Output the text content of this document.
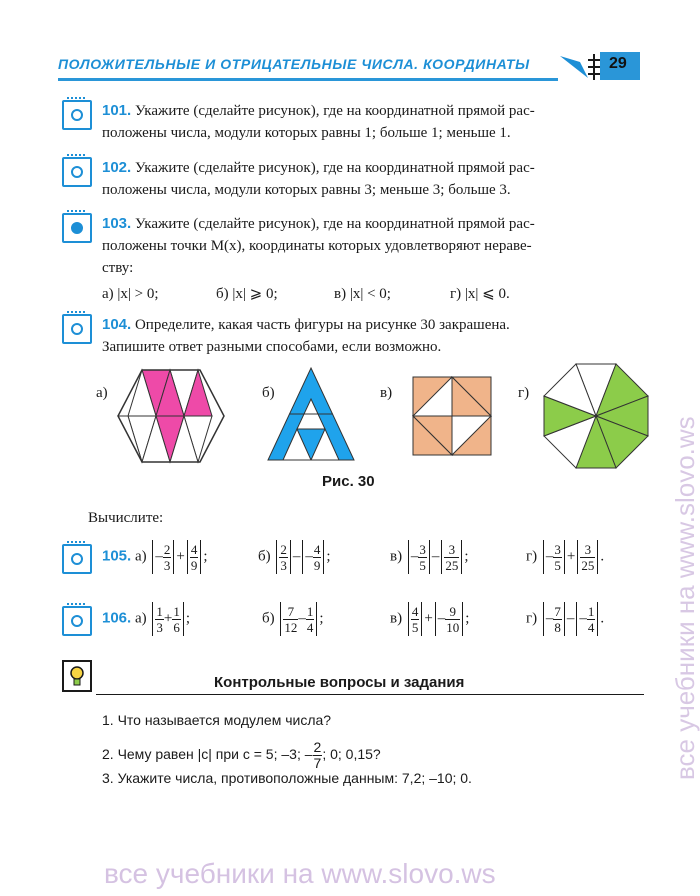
ПОЛОЖИТЕЛЬНЫЕ И ОТРИЦАТЕЛЬНЫЕ ЧИСЛА. КООРДИНАТЫ	29
101. Укажите (сделайте рисунок), где на координатной прямой рас-
положены числа, модули которых равны 1; больше 1; меньше 1.
102. Укажите (сделайте рисунок), где на координатной прямой рас-
положены числа, модули которых равны 3; меньше 3; больше 3.
103. Укажите (сделайте рисунок), где на координатной прямой рас-
положены точки M(x), координаты которых удовлетворяют нераве-
ству:
а) |x| > 0;	б) |x| ⩾ 0;	в) |x| < 0;	г) |x| ⩽ 0.
104. Определите, какая часть фигуры на рисунке 30 закрашена.
Запишите ответ разными способами, если возможно.
а)	б)	в)	г)
Рис. 30
Вычислите:
105. $а) - \frac{2}{3} + \frac{4}{9}$ ;	$б) \frac{2}{3}$ – – $\frac{4}{9}$ ;	$в) - \frac{3}{5} - \frac{3}{25}$ ;	$г) - \frac{3}{5} + \frac{3}{25}$ .
106. $а) \frac{1}{3} + \frac{1}{6}$ ;	$б) \frac{7}{12} - \frac{1}{4}$ ;	$в) \frac{4}{5}$ + – $\frac{9}{10}$ ;	$г) - \frac{7}{8}$ – – $\frac{1}{4}$ .
Контрольные вопросы и задания
1. Что называется модулем числа?
2. Чему равен |c| при c = 5; –3; – $\frac{2}{7}$ ; 0; 0,15?
3. Укажите числа, противоположные данным: 7,2; –10; 0.	все учебники на www.slovo.ws
все учебники на www.slovo.ws
